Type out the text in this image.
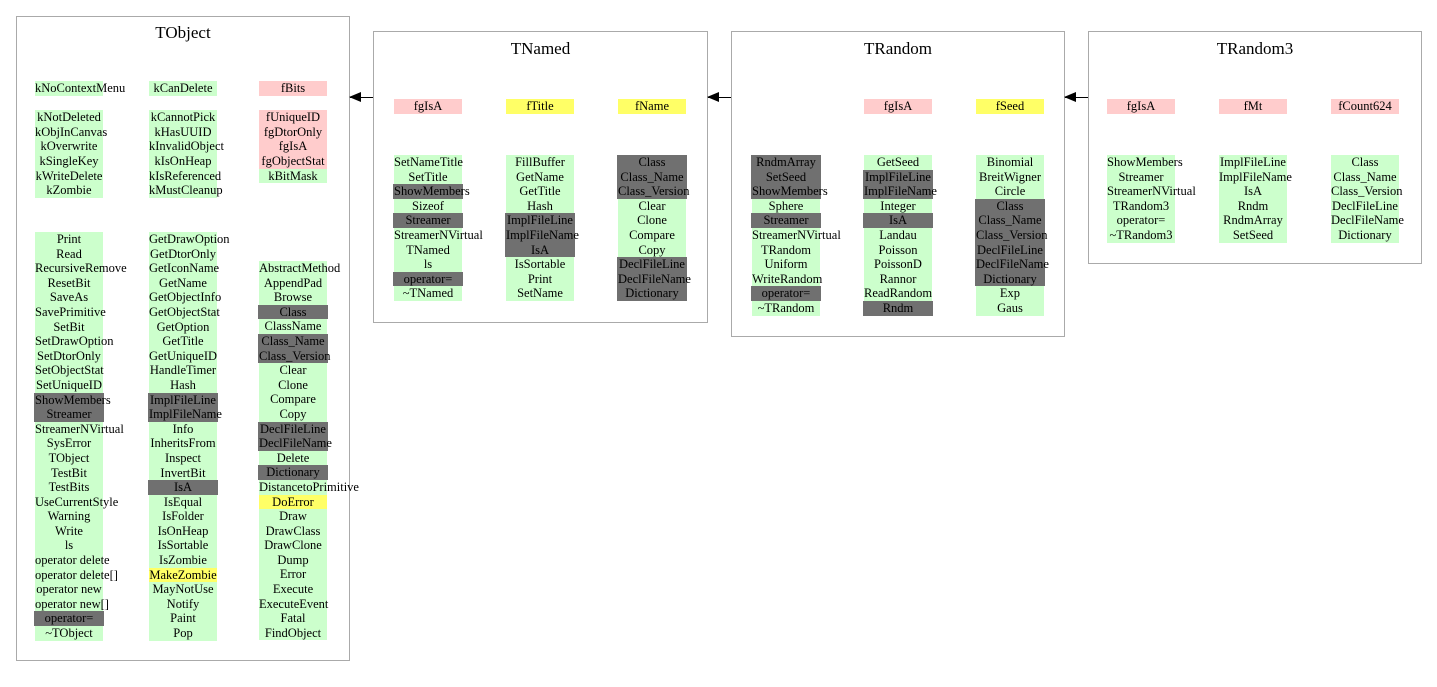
TObject
kNoContextMenu
kNotDeleted
kObjInCanvas
kOverwrite
kSingleKey
kWriteDelete
kZombie
Print
Read
RecursiveRemove
ResetBit
SaveAs
SavePrimitive
SetBit
SetDrawOption
SetDtorOnly
SetObjectStat
SetUniqueID
ShowMembers
Streamer
StreamerNVirtual
SysError
TObject
TestBit
TestBits
UseCurrentStyle
Warning
Write
ls
operator delete
operator delete[]
operator new
operator new[]
operator=
~TObject
kCanDelete
kCannotPick
kHasUUID
kInvalidObject
kIsOnHeap
kIsReferenced
kMustCleanup
GetDrawOption
GetDtorOnly
GetIconName
GetName
GetObjectInfo
GetObjectStat
GetOption
GetTitle
GetUniqueID
HandleTimer
Hash
ImplFileLine
ImplFileName
Info
InheritsFrom
Inspect
InvertBit
IsA
IsEqual
IsFolder
IsOnHeap
IsSortable
IsZombie
MakeZombie
MayNotUse
Notify
Paint
Pop
fBits
fUniqueID
fgDtorOnly
fgIsA
fgObjectStat
kBitMask
AbstractMethod
AppendPad
Browse
Class
ClassName
Class_Name
Class_Version
Clear
Clone
Compare
Copy
DeclFileLine
DeclFileName
Delete
Dictionary
DistancetoPrimitive
DoError
Draw
DrawClass
DrawClone
Dump
Error
Execute
ExecuteEvent
Fatal
FindObject
TNamed
fgIsA
SetNameTitle
SetTitle
ShowMembers
Sizeof
Streamer
StreamerNVirtual
TNamed
ls
operator=
~TNamed
fTitle
FillBuffer
GetName
GetTitle
Hash
ImplFileLine
ImplFileName
IsA
IsSortable
Print
SetName
fName
Class
Class_Name
Class_Version
Clear
Clone
Compare
Copy
DeclFileLine
DeclFileName
Dictionary
TRandom
RndmArray
SetSeed
ShowMembers
Sphere
Streamer
StreamerNVirtual
TRandom
Uniform
WriteRandom
operator=
~TRandom
fgIsA
GetSeed
ImplFileLine
ImplFileName
Integer
IsA
Landau
Poisson
PoissonD
Rannor
ReadRandom
Rndm
fSeed
Binomial
BreitWigner
Circle
Class
Class_Name
Class_Version
DeclFileLine
DeclFileName
Dictionary
Exp
Gaus
TRandom3
fgIsA
ShowMembers
Streamer
StreamerNVirtual
TRandom3
operator=
~TRandom3
fMt
ImplFileLine
ImplFileName
IsA
Rndm
RndmArray
SetSeed
fCount624
Class
Class_Name
Class_Version
DeclFileLine
DeclFileName
Dictionary
